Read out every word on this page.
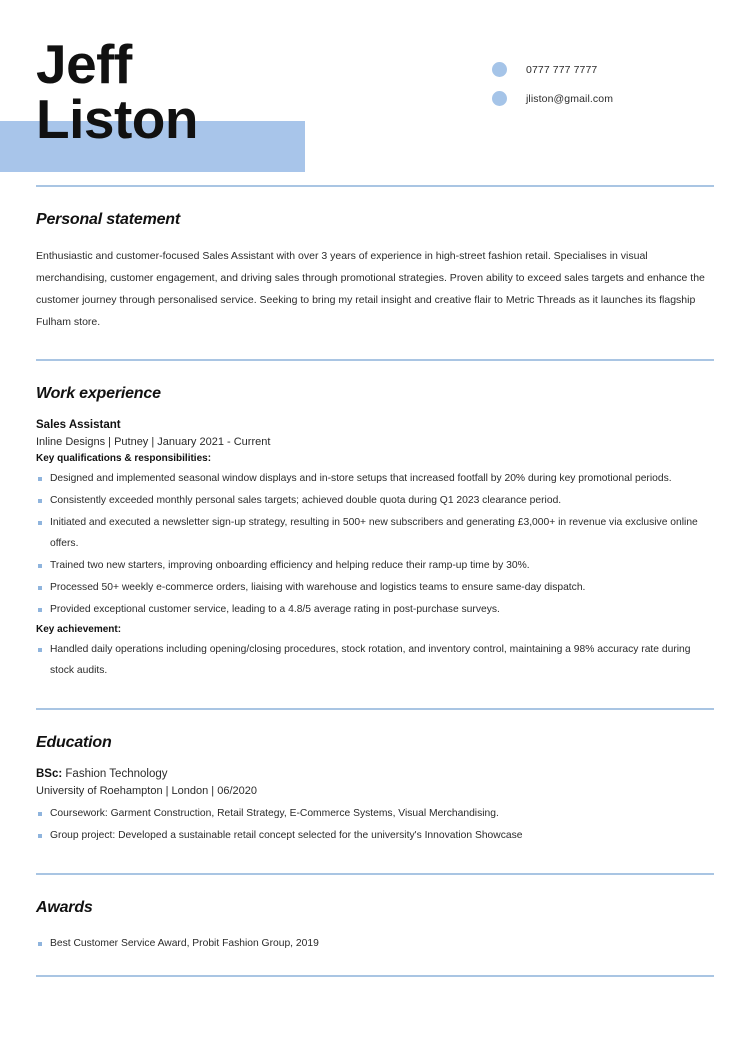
Jeff
Liston
0777 777 7777
jliston@gmail.com
Personal statement
Enthusiastic and customer-focused Sales Assistant with over 3 years of experience in high-street fashion retail. Specialises in visual merchandising, customer engagement, and driving sales through promotional strategies. Proven ability to exceed sales targets and enhance the customer journey through personalised service. Seeking to bring my retail insight and creative flair to Metric Threads as it launches its flagship Fulham store.
Work experience
Sales Assistant
Inline Designs | Putney | January 2021 - Current
Key qualifications & responsibilities:
Designed and implemented seasonal window displays and in-store setups that increased footfall by 20% during key promotional periods.
Consistently exceeded monthly personal sales targets; achieved double quota during Q1 2023 clearance period.
Initiated and executed a newsletter sign-up strategy, resulting in 500+ new subscribers and generating £3,000+ in revenue via exclusive online offers.
Trained two new starters, improving onboarding efficiency and helping reduce their ramp-up time by 30%.
Processed 50+ weekly e-commerce orders, liaising with warehouse and logistics teams to ensure same-day dispatch.
Provided exceptional customer service, leading to a 4.8/5 average rating in post-purchase surveys.
Key achievement:
Handled daily operations including opening/closing procedures, stock rotation, and inventory control, maintaining a 98% accuracy rate during stock audits.
Education
BSc: Fashion Technology
University of Roehampton | London | 06/2020
Coursework: Garment Construction, Retail Strategy, E-Commerce Systems, Visual Merchandising.
Group project: Developed a sustainable retail concept selected for the university's Innovation Showcase
Awards
Best Customer Service Award, Probit Fashion Group, 2019
